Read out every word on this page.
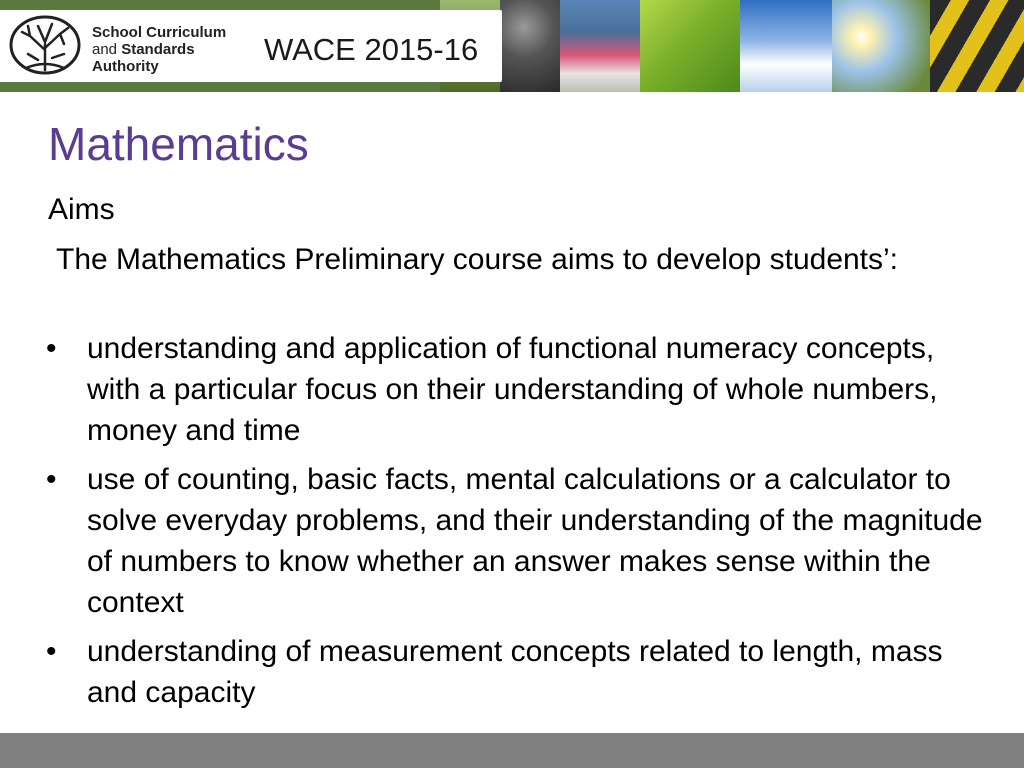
School Curriculum
and Standards
Authority	WACE 2015-16
Mathematics
Aims
The Mathematics Preliminary course aims to develop students’:
• understanding and application of functional numeracy concepts, with a particular focus on their understanding of whole numbers, money and time
• use of counting, basic facts, mental calculations or a calculator to solve everyday problems, and their understanding of the magnitude of numbers to know whether an answer makes sense within the context
• understanding of measurement concepts related to length, mass and capacity
